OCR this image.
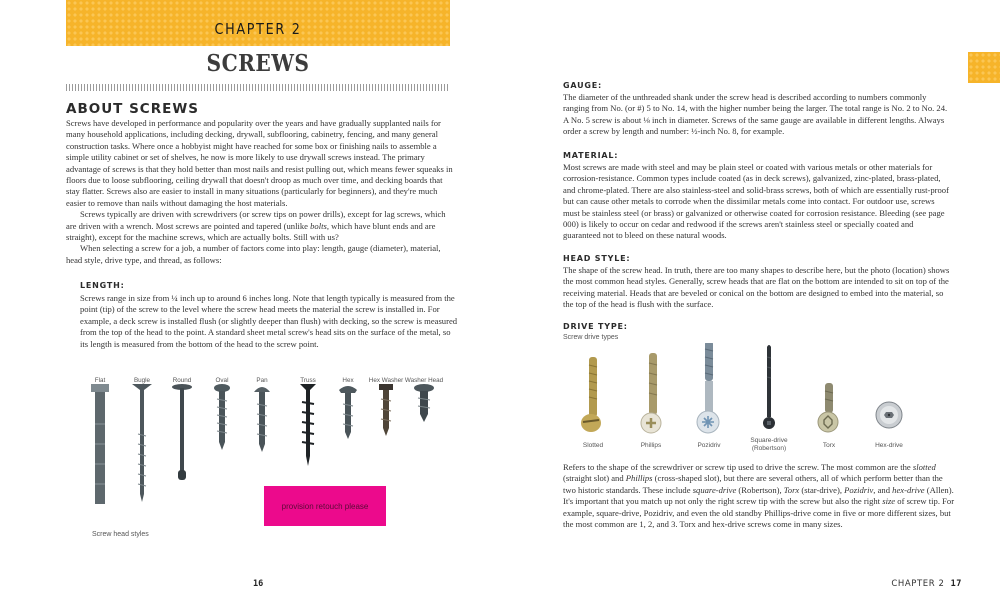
CHAPTER 2
SCREWS
ABOUT SCREWS

Screws have developed in performance and popularity over the years and have gradually supplanted nails for many household applications, including decking, drywall, subflooring, cabinetry, fencing, and many general construction tasks. Where once a hobbyist might have reached for some box or finishing nails to assemble a simple utility cabinet or set of shelves, he now is more likely to use drywall screws instead. The primary advantage of screws is that they hold better than most nails and resist pulling out, which means fewer squeaks in floors due to loose subflooring, ceiling drywall that doesn't droop as much over time, and decking boards that stay flatter. Screws also are easier to install in many situations (particularly for beginners), and they're much easier to remove than nails without damaging the host materials.

Screws typically are driven with screwdrivers (or screw tips on power drills), except for lag screws, which are driven with a wrench. Most screws are pointed and tapered (unlike bolts, which have blunt ends and are straight), except for the machine screws, which are actually bolts. Still with us?

When selecting a screw for a job, a number of factors come into play: length, gauge (diameter), material, head style, drive type, and thread, as follows:

LENGTH:
Screws range in size from ¼ inch up to around 6 inches long. Note that length typically is measured from the point (tip) of the screw to the level where the screw head meets the material the screw is installed in. For example, a deck screw is installed flush (or slightly deeper than flush) with decking, so the screw is measured from the top of the head to the point. A standard sheet metal screw's head sits on the surface of the metal, so its length is measured from the bottom of the head to the screw point.
Flat	Bugle	Round	Oval	Pan	Truss	Hex	Hex Washer Washer Head
Screw head styles
provision retouch please
16
GAUGE:
The diameter of the unthreaded shank under the screw head is described according to numbers commonly ranging from No. (or #) 5 to No. 14, with the higher number being the larger. The total range is No. 2 to No. 24. A No. 5 screw is about ⅛ inch in diameter. Screws of the same gauge are available in different lengths. Always order a screw by length and number: ½-inch No. 8, for example.
MATERIAL:
Most screws are made with steel and may be plain steel or coated with various metals or other materials for corrosion-resistance. Common types include coated (as in deck screws), galvanized, zinc-plated, brass-plated, and chrome-plated. There are also stainless-steel and solid-brass screws, both of which are essentially rust-proof but can cause other metals to corrode when the dissimilar metals come into contact. For outdoor use, screws must be stainless steel (or brass) or galvanized or otherwise coated for corrosion resistance. Bleeding (see page 000) is likely to occur on cedar and redwood if the screws aren't stainless steel or specially coated and guaranteed not to bleed on these natural woods.
HEAD STYLE:
The shape of the screw head. In truth, there are too many shapes to describe here, but the photo (location) shows the most common head styles. Generally, screw heads that are flat on the bottom are intended to sit on top of the receiving material. Heads that are beveled or conical on the bottom are designed to embed into the material, so the top of the head is flush with the surface.
DRIVE TYPE:
Screw drive types
Slotted	Phillips	Pozidriv
Square-drive (Robertson)	Torx	Hex-drive
Refers to the shape of the screwdriver or screw tip used to drive the screw. The most common are the slotted (straight slot) and Phillips (cross-shaped slot), but there are several others, all of which perform better than the two historic standards. These include square-drive (Robertson), Torx (star-drive), Pozidriv, and hex-drive (Allen). It's important that you match up not only the right screw tip with the screw but also the right size of screw tip. For example, square-drive, Pozidriv, and even the old standby Phillips-drive come in five or more different sizes, but the most common are 1, 2, and 3. Torx and hex-drive screws come in many sizes.
CHAPTER 2 17
